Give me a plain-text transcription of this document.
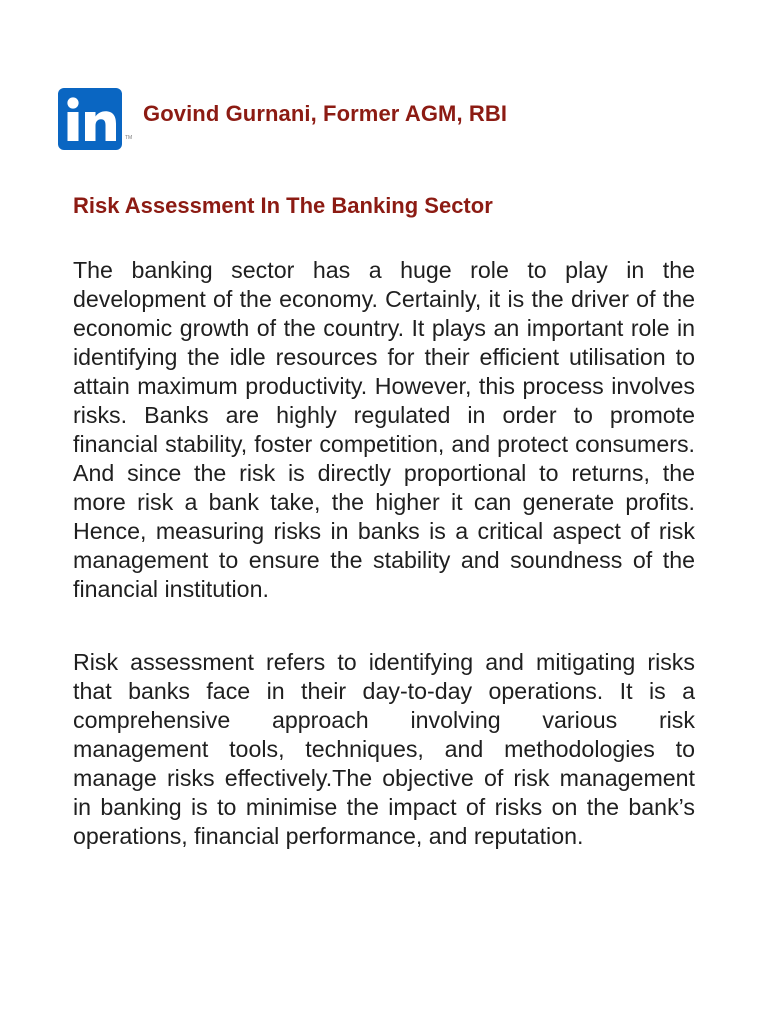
TM
Govind Gurnani, Former AGM, RBI
Risk Assessment In The Banking Sector

The banking sector has a huge role to play in the development of the economy. Certainly, it is the driver of the economic growth of the country. It plays an important role in identifying the idle resources for their efficient utilisation to attain maximum productivity. However, this process involves risks. Banks are highly regulated in order to promote financial stability, foster competition, and protect consumers. And since the risk is directly proportional to returns, the more risk a bank take, the higher it can generate profits. Hence, measuring risks in banks is a critical aspect of risk management to ensure the stability and soundness of the financial institution.

Risk assessment refers to identifying and mitigating risks that banks face in their day-to-day operations. It is a comprehensive approach involving various risk management tools, techniques, and methodologies to manage risks effectively.The objective of risk management in banking is to minimise the impact of risks on the bank’s operations, financial performance, and reputation.
